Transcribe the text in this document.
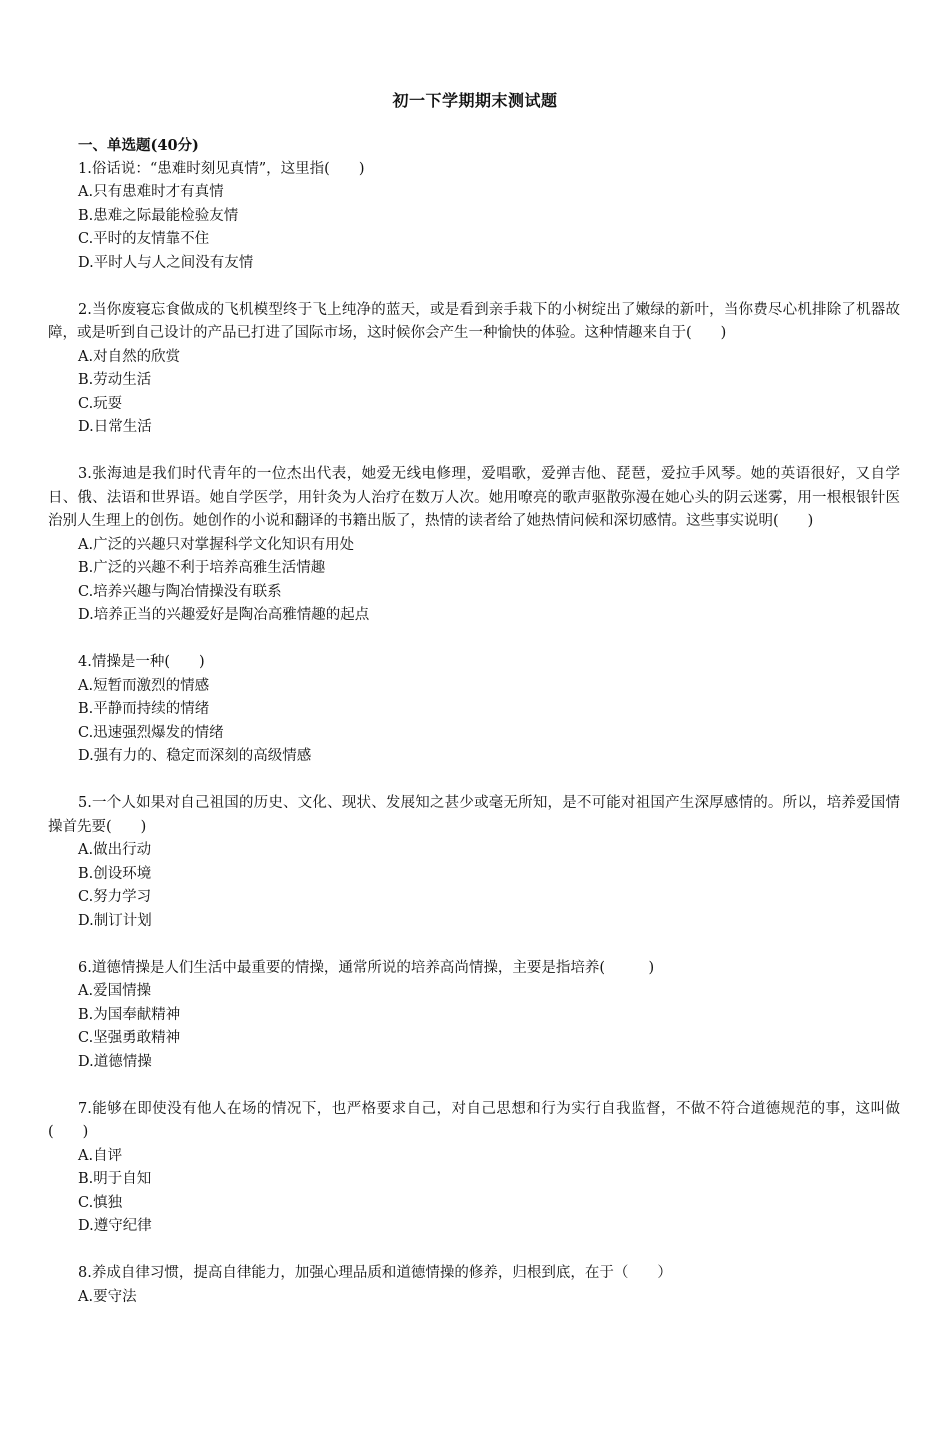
初一下学期期末测试题
一、单选题(40分)
1.俗话说：“患难时刻见真情”，这里指(　　)
A.只有患难时才有真情
B.患难之际最能检验友情
C.平时的友情靠不住
D.平时人与人之间没有友情
2.当你废寝忘食做成的飞机模型终于飞上纯净的蓝天，或是看到亲手栽下的小树绽出了嫩绿的新叶，当你费尽心机排除了机器故障，或是听到自己设计的产品已打进了国际市场，这时候你会产生一种愉快的体验。这种情趣来自于(　　)
A.对自然的欣赏
B.劳动生活
C.玩耍
D.日常生活
3.张海迪是我们时代青年的一位杰出代表，她爱无线电修理，爱唱歌，爱弹吉他、琵琶，爱拉手风琴。她的英语很好，又自学日、俄、法语和世界语。她自学医学，用针灸为人治疗在数万人次。她用嘹亮的歌声驱散弥漫在她心头的阴云迷雾，用一根根银针医治别人生理上的创伤。她创作的小说和翻译的书籍出版了，热情的读者给了她热情问候和深切感情。这些事实说明(　　)
A.广泛的兴趣只对掌握科学文化知识有用处
B.广泛的兴趣不利于培养高雅生活情趣
C.培养兴趣与陶冶情操没有联系
D.培养正当的兴趣爱好是陶冶高雅情趣的起点
4.情操是一种(　　)
A.短暂而激烈的情感
B.平静而持续的情绪
C.迅速强烈爆发的情绪
D.强有力的、稳定而深刻的高级情感
5.一个人如果对自己祖国的历史、文化、现状、发展知之甚少或毫无所知，是不可能对祖国产生深厚感情的。所以，培养爱国情操首先要(　　)
A.做出行动
B.创设环境
C.努力学习
D.制订计划
6.道德情操是人们生活中最重要的情操，通常所说的培养高尚情操，主要是指培养(　　　)
A.爱国情操
B.为国奉献精神
C.坚强勇敢精神
D.道德情操
7.能够在即使没有他人在场的情况下，也严格要求自己，对自己思想和行为实行自我监督，不做不符合道德规范的事，这叫做(　　)
A.自评
B.明于自知
C.慎独
D.遵守纪律
8.养成自律习惯，提高自律能力，加强心理品质和道德情操的修养，归根到底，在于（　　）
A.要守法
